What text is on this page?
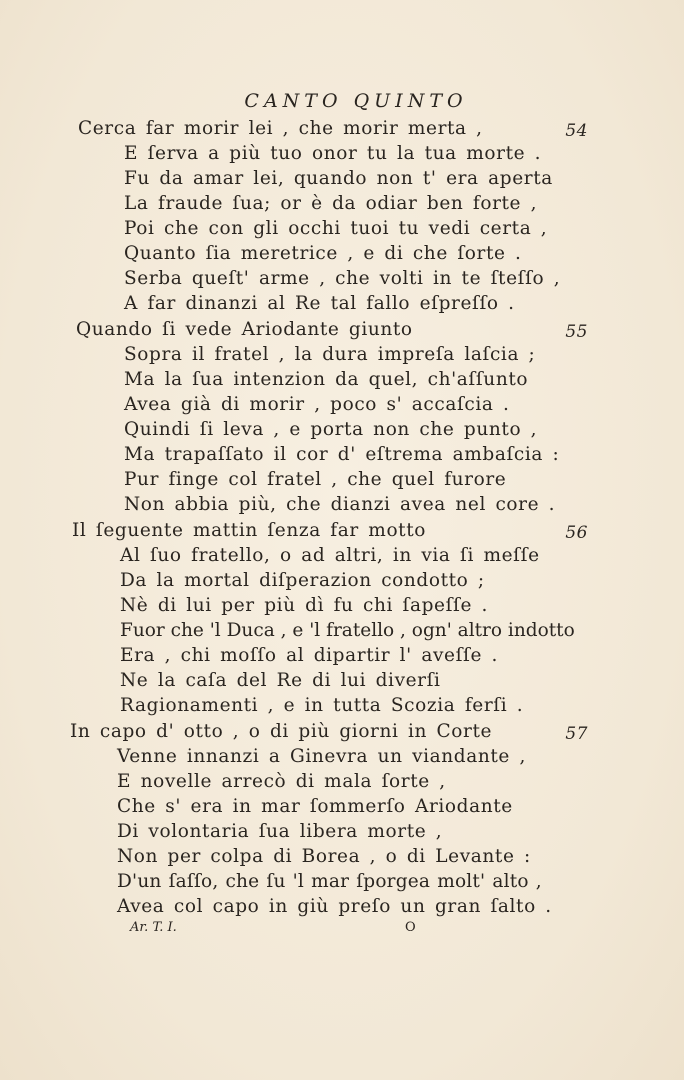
CANTO QUINTO
54
Cerca far morir lei , che morir merta ,
E ſerva a più tuo onor tu la tua morte .
Fu da amar lei, quando non t' era aperta
La fraude ſua; or è da odiar ben forte ,
Poi che con gli occhi tuoi tu vedi certa ,
Quanto ſia meretrice , e di che ſorte .
Serba queſt' arme , che volti in te ſteſſo ,
A far dinanzi al Re tal fallo eſpreſſo .
55
Quando ſi vede Ariodante giunto
Sopra il fratel , la dura impreſa laſcia ;
Ma la ſua intenzion da quel, ch'aſſunto
Avea già di morir , poco s' accaſcia .
Quindi ſi leva , e porta non che punto ,
Ma trapaſſato il cor d' eſtrema ambaſcia :
Pur finge col fratel , che quel furore
Non abbia più, che dianzi avea nel core .
56
Il ſeguente mattin ſenza far motto
Al ſuo fratello, o ad altri, in via ſi meſſe
Da la mortal diſperazion condotto ;
Nè di lui per più dì fu chi ſapeſſe .
Fuor che 'l Duca , e 'l fratello , ogn' altro indotto
Era , chi moſſo al dipartir l' aveſſe .
Ne la caſa del Re di lui diverſi
Ragionamenti , e in tutta Scozia ferſi .
57
In capo d' otto , o di più giorni in Corte
Venne innanzi a Ginevra un viandante ,
E novelle arrecò di mala ſorte ,
Che s' era in mar ſommerſo Ariodante
Di volontaria ſua libera morte ,
Non per colpa di Borea , o di Levante :
D'un ſaſſo, che ſu 'l mar ſporgea molt' alto ,
Avea col capo in giù preſo un gran ſalto .
Ar. T. I.	O
